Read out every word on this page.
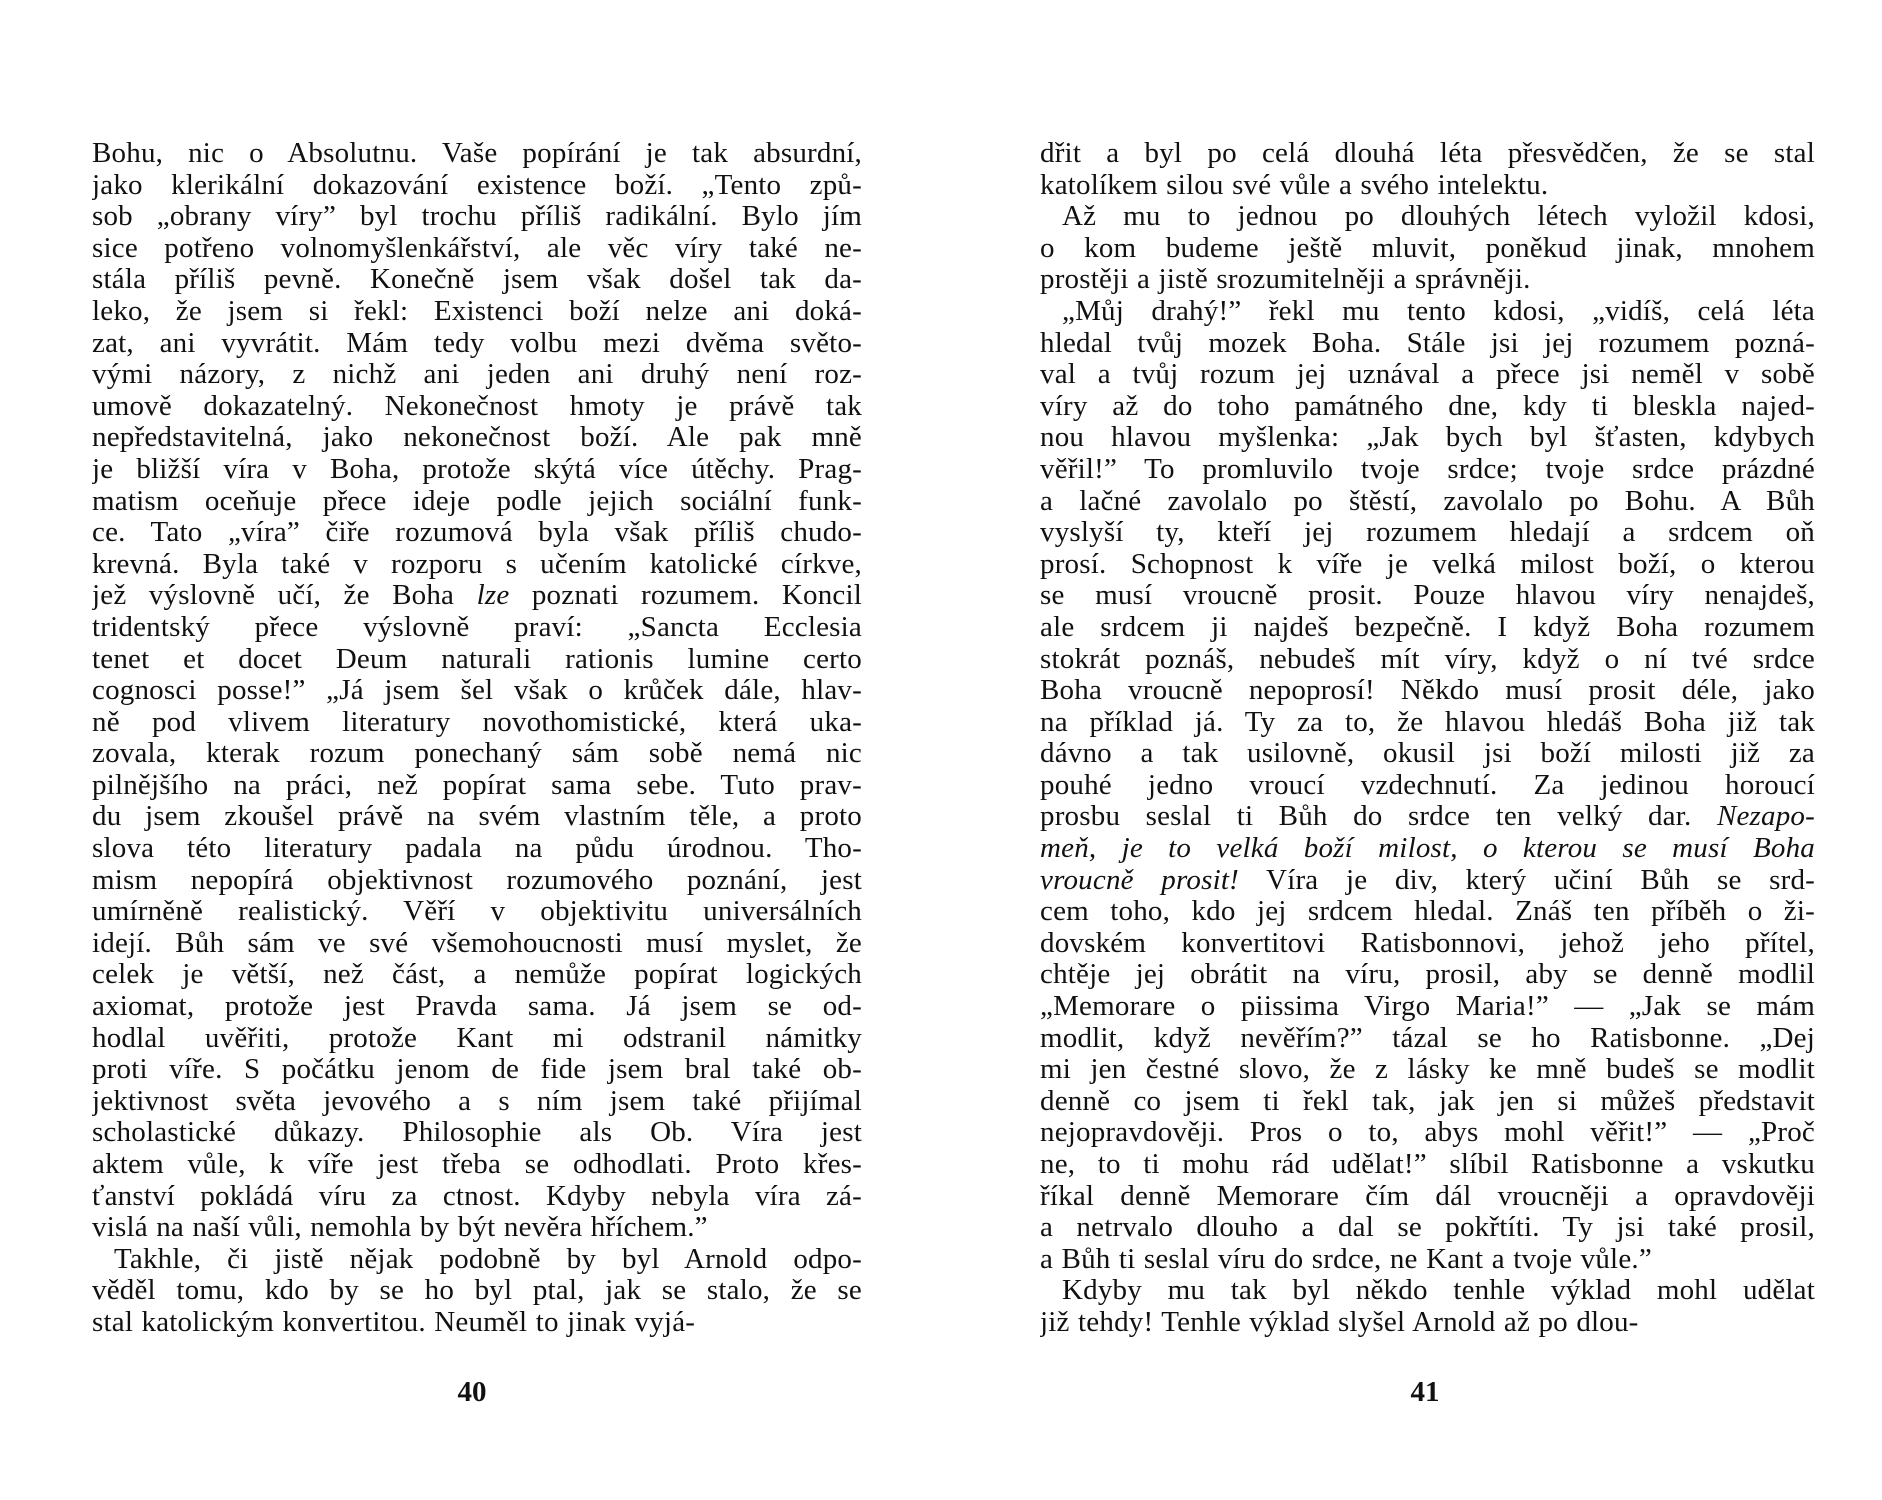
Bohu, nic o Absolutnu. Vaše popírání je tak absurdní,
jako klerikální dokazování existence boží. „Tento způ-
sob „obrany víry” byl trochu příliš radikální. Bylo jím
sice potřeno volnomyšlenkářství, ale věc víry také ne-
stála příliš pevně. Konečně jsem však došel tak da-
leko, že jsem si řekl: Existenci boží nelze ani doká-
zat, ani vyvrátit. Mám tedy volbu mezi dvěma světo-
vými názory, z nichž ani jeden ani druhý není roz-
umově dokazatelný. Nekonečnost hmoty je právě tak
nepředstavitelná, jako nekonečnost boží. Ale pak mně
je bližší víra v Boha, protože skýtá více útěchy. Prag-
matism oceňuje přece ideje podle jejich sociální funk-
ce. Tato „víra” čiře rozumová byla však příliš chudo-
krevná. Byla také v rozporu s učením katolické církve,
jež výslovně učí, že Boha lze poznati rozumem. Koncil
tridentský přece výslovně praví: „Sancta Ecclesia
tenet et docet Deum naturali rationis lumine certo
cognosci posse!” „Já jsem šel však o krůček dále, hlav-
ně pod vlivem literatury novothomistické, která uka-
zovala, kterak rozum ponechaný sám sobě nemá nic
pilnějšího na práci, než popírat sama sebe. Tuto prav-
du jsem zkoušel právě na svém vlastním těle, a proto
slova této literatury padala na půdu úrodnou. Tho-
mism nepopírá objektivnost rozumového poznání, jest
umírněně realistický. Věří v objektivitu universálních
idejí. Bůh sám ve své všemohoucnosti musí myslet, že
celek je větší, než část, a nemůže popírat logických
axiomat, protože jest Pravda sama. Já jsem se od-
hodlal uvěřiti, protože Kant mi odstranil námitky
proti víře. S počátku jenom de fide jsem bral také ob-
jektivnost světa jevového a s ním jsem také přijímal
scholastické důkazy. Philosophie als Ob. Víra jest
aktem vůle, k víře jest třeba se odhodlati. Proto křes-
ťanství pokládá víru za ctnost. Kdyby nebyla víra zá-
vislá na naší vůli, nemohla by být nevěra hříchem.”
Takhle, či jistě nějak podobně by byl Arnold odpo-
věděl tomu, kdo by se ho byl ptal, jak se stalo, že se
stal katolickým konvertitou. Neuměl to jinak vyjá-
40
dřit a byl po celá dlouhá léta přesvědčen, že se stal
katolíkem silou své vůle a svého intelektu.
Až mu to jednou po dlouhých létech vyložil kdosi,
o kom budeme ještě mluvit, poněkud jinak, mnohem
prostěji a jistě srozumitelněji a správněji.
„Můj drahý!” řekl mu tento kdosi, „vidíš, celá léta
hledal tvůj mozek Boha. Stále jsi jej rozumem pozná-
val a tvůj rozum jej uznával a přece jsi neměl v sobě
víry až do toho památného dne, kdy ti bleskla najed-
nou hlavou myšlenka: „Jak bych byl šťasten, kdybych
věřil!” To promluvilo tvoje srdce; tvoje srdce prázdné
a lačné zavolalo po štěstí, zavolalo po Bohu. A Bůh
vyslyší ty, kteří jej rozumem hledají a srdcem oň
prosí. Schopnost k víře je velká milost boží, o kterou
se musí vroucně prosit. Pouze hlavou víry nenajdeš,
ale srdcem ji najdeš bezpečně. I když Boha rozumem
stokrát poznáš, nebudeš mít víry, když o ní tvé srdce
Boha vroucně nepoprosí! Někdo musí prosit déle, jako
na příklad já. Ty za to, že hlavou hledáš Boha již tak
dávno a tak usilovně, okusil jsi boží milosti již za
pouhé jedno vroucí vzdechnutí. Za jedinou horoucí
prosbu seslal ti Bůh do srdce ten velký dar. Nezapo-
meň, je to velká boží milost, o kterou se musí Boha
vroucně prosit! Víra je div, který učiní Bůh se srd-
cem toho, kdo jej srdcem hledal. Znáš ten příběh o ži-
dovském konvertitovi Ratisbonnovi, jehož jeho přítel,
chtěje jej obrátit na víru, prosil, aby se denně modlil
„Memorare o piissima Virgo Maria!” — „Jak se mám
modlit, když nevěřím?” tázal se ho Ratisbonne. „Dej
mi jen čestné slovo, že z lásky ke mně budeš se modlit
denně co jsem ti řekl tak, jak jen si můžeš představit
nejopravdověji. Pros o to, abys mohl věřit!” — „Proč
ne, to ti mohu rád udělat!” slíbil Ratisbonne a vskutku
říkal denně Memorare čím dál vroucněji a opravdověji
a netrvalo dlouho a dal se pokřtíti. Ty jsi také prosil,
a Bůh ti seslal víru do srdce, ne Kant a tvoje vůle.”
Kdyby mu tak byl někdo tenhle výklad mohl udělat
již tehdy! Tenhle výklad slyšel Arnold až po dlou-
41
